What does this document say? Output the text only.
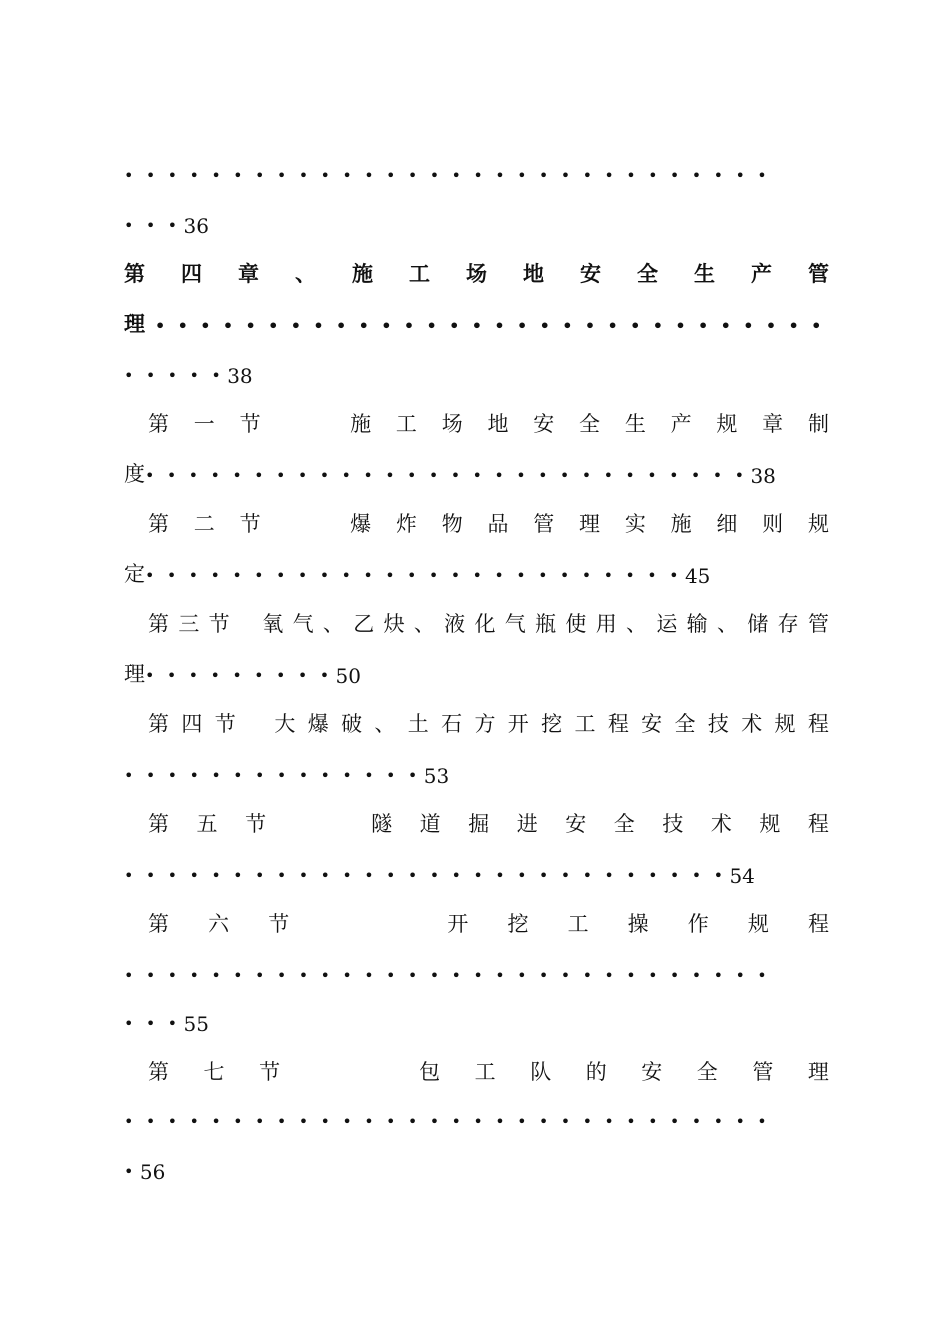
••••••••••••••••••••••••••••••
•••36
第 四 章 、 施 工 场 地 安 全 生 产 管
理 ••••••••••••••••••••••••••••••
•••••38
第 一 节	施 工 场 地 安 全 生 产 规 章 制
度••••••••••••••••••••••••••••38
第 二 节	爆 炸 物 品 管 理 实 施 细 则 规
定•••••••••••••••••••••••••45
第 三 节 氧 气 、 乙 炔 、 液 化 气 瓶 使 用 、 运 输 、 储 存 管
理•••••••••50
第 四 节 大 爆 破 、 土 石 方 开 挖 工 程 安 全 技 术 规 程
••••••••••••••53
第 五 节	隧 道 掘 进 安 全 技 术 规 程
••••••••••••••••••••••••••••54
第 六 节	开 挖 工 操 作 规 程
••••••••••••••••••••••••••••••
•••55
第 七 节	包 工 队 的 安 全 管 理
••••••••••••••••••••••••••••••
•56
